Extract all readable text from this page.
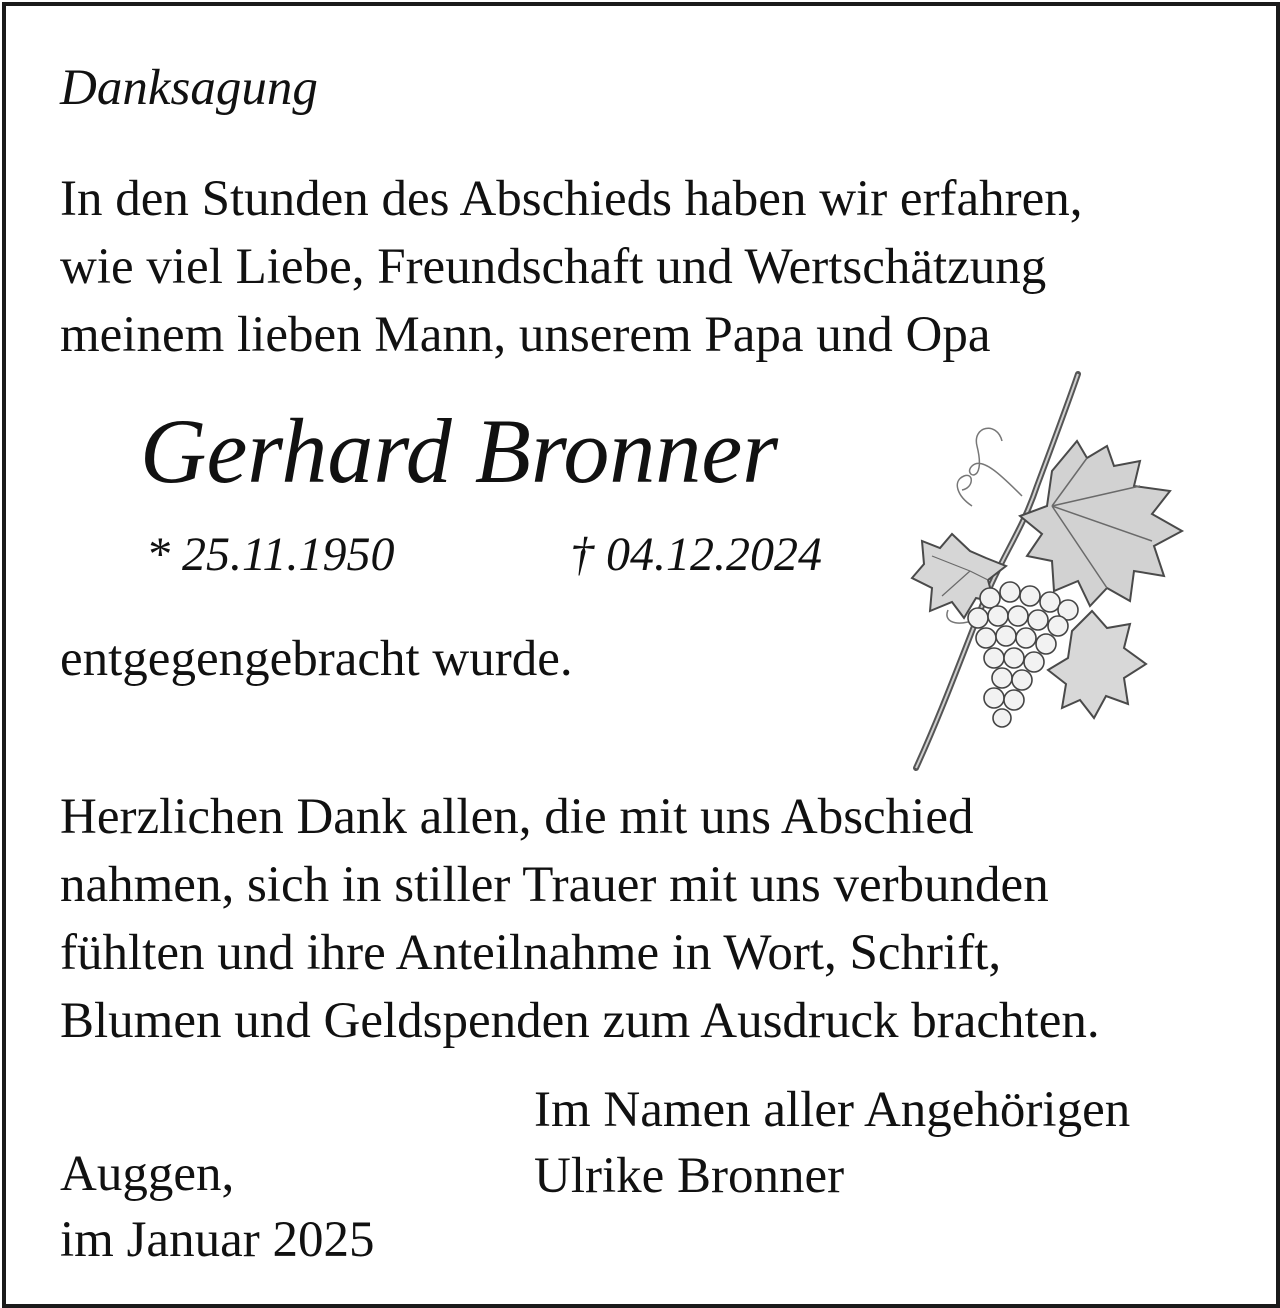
Danksagung
In den Stunden des Abschieds haben wir erfahren,
wie viel Liebe, Freundschaft und Wertschätzung
meinem lieben Mann, unserem Papa und Opa
Gerhard Bronner
* 25.11.1950	† 04.12.2024
entgegengebracht wurde.
Herzlichen Dank allen, die mit uns Abschied
nahmen, sich in stiller Trauer mit uns verbunden
fühlten und ihre Anteilnahme in Wort, Schrift,
Blumen und Geldspenden zum Ausdruck brachten.
Im Namen aller Angehörigen
Ulrike Bronner
Auggen,
im Januar 2025
